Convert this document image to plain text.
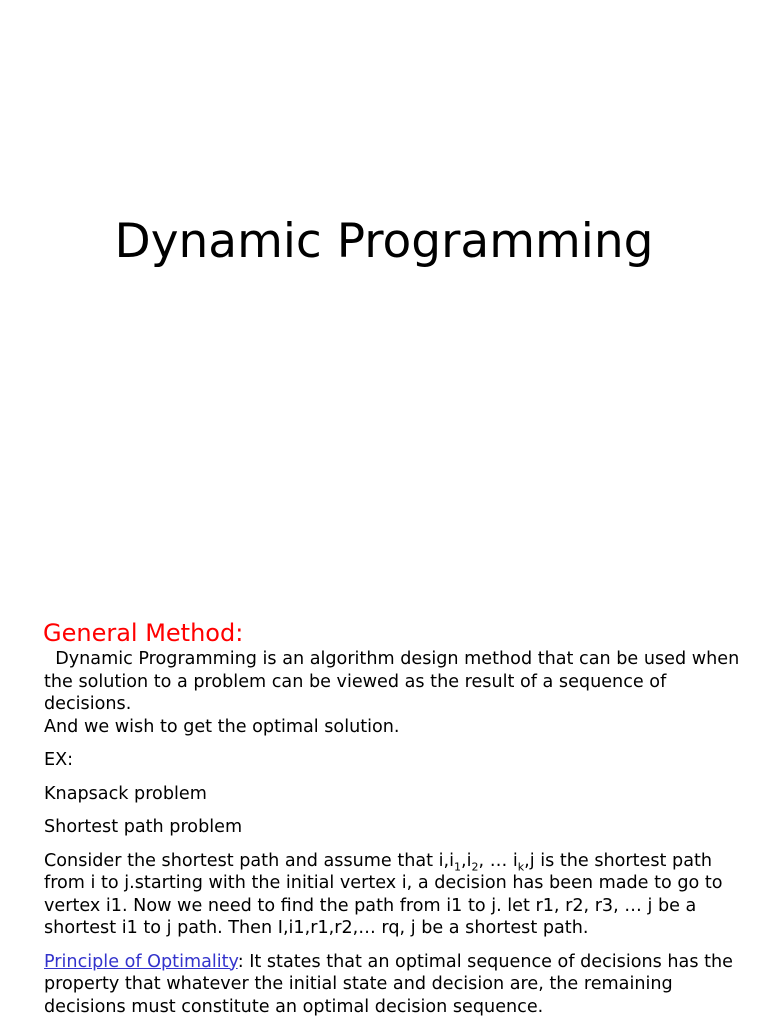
Dynamic Programming
General Method:

Dynamic Programming is an algorithm design method that can be used when the solution to a problem can be viewed as the result of a sequence of decisions.

And we wish to get the optimal solution.

EX:

Knapsack problem

Shortest path problem

Consider the shortest path and assume that $i,i_1,i_2$, … $i_k,j$ is the shortest path from i to j.starting with the initial vertex i, a decision has been made to go to vertex i1. Now we need to find the path from i1 to j. let r1, r2, r3, … j be a shortest i1 to j path. Then I,i1,r1,r2,… rq, j be a shortest path.

Principle of Optimality: It states that an optimal sequence of decisions has the property that whatever the initial state and decision are, the remaining decisions must constitute an optimal decision sequence.
